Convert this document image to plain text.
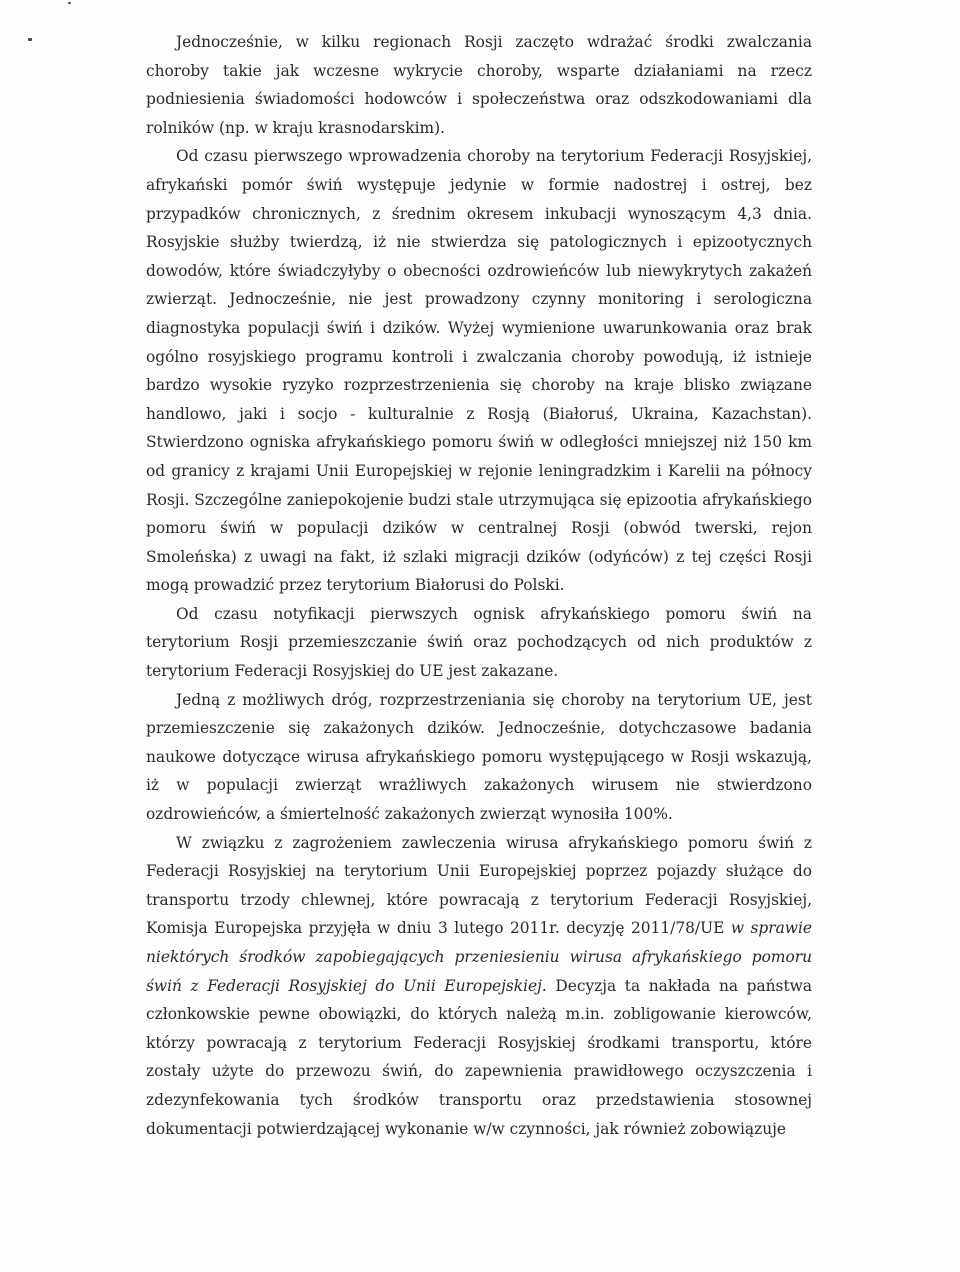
Jednocześnie, w kilku regionach Rosji zaczęto wdrażać środki zwalczania choroby takie jak wczesne wykrycie choroby, wsparte działaniami na rzecz podniesienia świadomości hodowców i społeczeństwa oraz odszkodowaniami dla rolników (np. w kraju krasnodarskim).

Od czasu pierwszego wprowadzenia choroby na terytorium Federacji Rosyjskiej, afrykański pomór świń występuje jedynie w formie nadostrej i ostrej, bez przypadków chronicznych, z średnim okresem inkubacji wynoszącym 4,3 dnia. Rosyjskie służby twierdzą, iż nie stwierdza się patologicznych i epizootycznych dowodów, które świadczyłyby o obecności ozdrowieńców lub niewykrytych zakażeń zwierząt. Jednocześnie, nie jest prowadzony czynny monitoring i serologiczna diagnostyka populacji świń i dzików. Wyżej wymienione uwarunkowania oraz brak ogólno rosyjskiego programu kontroli i zwalczania choroby powodują, iż istnieje bardzo wysokie ryzyko rozprzestrzenienia się choroby na kraje blisko związane handlowo, jaki i socjo - kulturalnie z Rosją (Białoruś, Ukraina, Kazachstan). Stwierdzono ogniska afrykańskiego pomoru świń w odległości mniejszej niż 150 km od granicy z krajami Unii Europejskiej w rejonie leningradzkim i Karelii na północy Rosji. Szczególne zaniepokojenie budzi stale utrzymująca się epizootia afrykańskiego pomoru świń w populacji dzików w centralnej Rosji (obwód twerski, rejon Smoleńska) z uwagi na fakt, iż szlaki migracji dzików (odyńców) z tej części Rosji mogą prowadzić przez terytorium Białorusi do Polski.

Od czasu notyfikacji pierwszych ognisk afrykańskiego pomoru świń na terytorium Rosji przemieszczanie świń oraz pochodzących od nich produktów z terytorium Federacji Rosyjskiej do UE jest zakazane.

Jedną z możliwych dróg, rozprzestrzeniania się choroby na terytorium UE, jest przemieszczenie się zakażonych dzików. Jednocześnie, dotychczasowe badania naukowe dotyczące wirusa afrykańskiego pomoru występującego w Rosji wskazują, iż w populacji zwierząt wrażliwych zakażonych wirusem nie stwierdzono ozdrowieńców, a śmiertelność zakażonych zwierząt wynosiła 100%.

W związku z zagrożeniem zawleczenia wirusa afrykańskiego pomoru świń z Federacji Rosyjskiej na terytorium Unii Europejskiej poprzez pojazdy służące do transportu trzody chlewnej, które powracają z terytorium Federacji Rosyjskiej, Komisja Europejska przyjęła w dniu 3 lutego 2011r. decyzję 2011/78/UE w sprawie niektórych środków zapobiegających przeniesieniu wirusa afrykańskiego pomoru świń z Federacji Rosyjskiej do Unii Europejskiej. Decyzja ta nakłada na państwa członkowskie pewne obowiązki, do których należą m.in. zobligowanie kierowców, którzy powracają z terytorium Federacji Rosyjskiej środkami transportu, które zostały użyte do przewozu świń, do zapewnienia prawidłowego oczyszczenia i zdezynfekowania tych środków transportu oraz przedstawienia stosownej dokumentacji potwierdzającej wykonanie w/w czynności, jak również zobowiązuje
